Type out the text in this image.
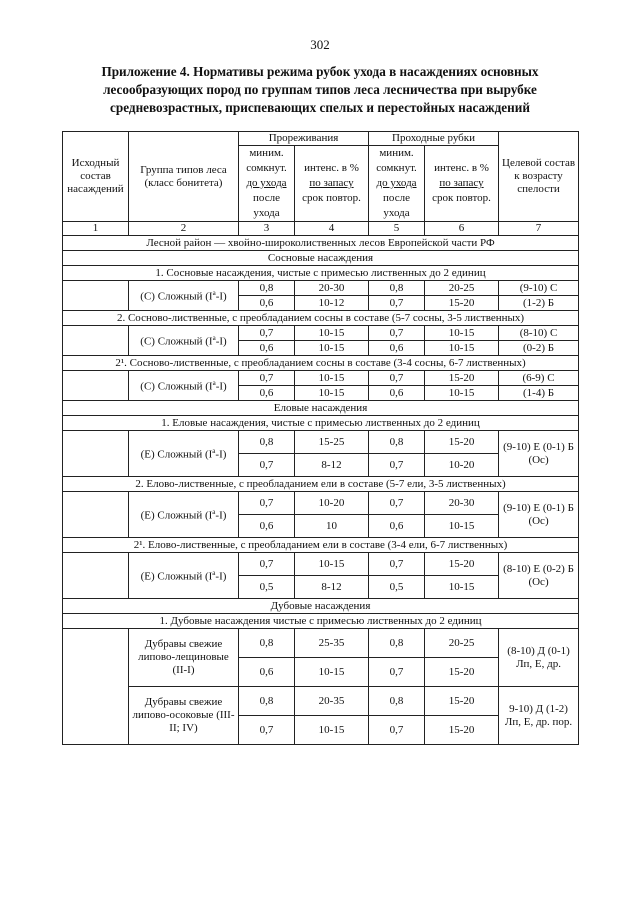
302
Приложение 4. Нормативы режима рубок ухода в насаждениях основных лесообразующих пород по группам типов леса лесничества при вырубке средневозрастных, приспевающих спелых и перестойных насаждений
Исходный состав насаждений	Группа типов леса (класс бонитета)	Прореживания		Проходные рубки		Целевой состав к возрасту спелости
		миним. сомкнут.
до ухода
после ухода	интенс. в %
по запасу
срок повтор.	миним. сомкнут.
до ухода
после ухода	интенс. в %
по запасу
срок повтор.	
1	2	3	4	5	6	7
Лесной район — хвойно-широколиственных лесов Европейской части РФ						
Сосновые насаждения						
1. Сосновые насаждения, чистые с примесью лиственных до 2 единиц						
	(С) Сложный $(I^а-I)$	0,8	20-30	0,8	20-25	(9-10) С
		0,6	10-12	0,7	15-20	(1-2) Б
2. Сосново-лиственные, с преобладанием сосны в составе (5-7 сосны, 3-5 лиственных)						
	(С) Сложный $(I^а-I)$	0,7	10-15	0,7	10-15	(8-10) С
		0,6	10-15	0,6	10-15	(0-2) Б
2¹. Сосново-лиственные, с преобладанием сосны в составе (3-4 сосны, 6-7 лиственных)						
	(С) Сложный $(I^а-I)$	0,7	10-15	0,7	15-20	(6-9) С
		0,6	10-15	0,6	10-15	(1-4) Б
Еловые насаждения						
1. Еловые насаждения, чистые с примесью лиственных до 2 единиц						
	(Е) Сложный $(I^а-I)$	0,8	15-25	0,8	15-20	(9-10) Е (0-1) Б (Ос)
		0,7	8-12	0,7	10-20	
2. Елово-лиственные, с преобладанием ели в составе (5-7 ели, 3-5 лиственных)						
	(Е) Сложный $(I^а-I)$	0,7	10-20	0,7	20-30	(9-10) Е (0-1) Б (Ос)
		0,6	10	0,6	10-15	
2¹. Елово-лиственные, с преобладанием ели в составе (3-4 ели, 6-7 лиственных)						
	(Е) Сложный $(I^а-I)$	0,7	10-15	0,7	15-20	(8-10) Е (0-2) Б (Ос)
		0,5	8-12	0,5	10-15	
Дубовые насаждения						
1. Дубовые насаждения чистые с примесью лиственных до 2 единиц						
	Дубравы свежие липово-лещиновые (II-I)	0,8	25-35	0,8	20-25	(8-10) Д (0-1) Лп, Е, др.
		0,6	10-15	0,7	15-20	
	Дубравы свежие липово-осоковые (III-II; IV)	0,8	20-35	0,8	15-20	9-10) Д (1-2) Лп, Е, др. пор.
		0,7	10-15	0,7	15-20	
